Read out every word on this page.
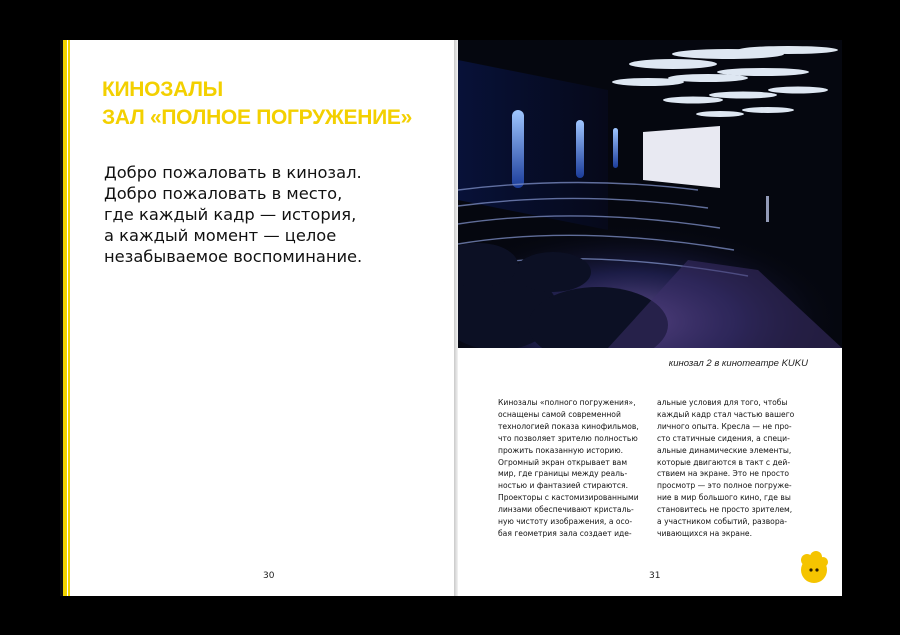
КИНОЗАЛЫ
ЗАЛ «ПОЛНОЕ ПОГРУЖЕНИЕ»
Добро пожаловать в кинозал.
Добро пожаловать в место,
где каждый кадр — история,
а каждый момент — целое
незабываемое воспоминание.
30
кинозал 2 в кинотеатре KUKU
Кинозалы «полного погружения»,
оснащены самой современной
технологией показа кинофильмов,
что позволяет зрителю полностью
прожить показанную историю.
Огромный экран открывает вам
мир, где границы между реаль-
ностью и фантазией стираются.
Проекторы с кастомизированными
линзами обеспечивают кристаль-
ную чистоту изображения, а осо-
бая геометрия зала создает иде-
альные условия для того, чтобы
каждый кадр стал частью вашего
личного опыта. Кресла — не про-
сто статичные сидения, а специ-
альные динамические элементы,
которые двигаются в такт с дей-
ствием на экране. Это не просто
просмотр — это полное погруже-
ние в мир большого кино, где вы
становитесь не просто зрителем,
а участником событий, развора-
чивающихся на экране.
31
